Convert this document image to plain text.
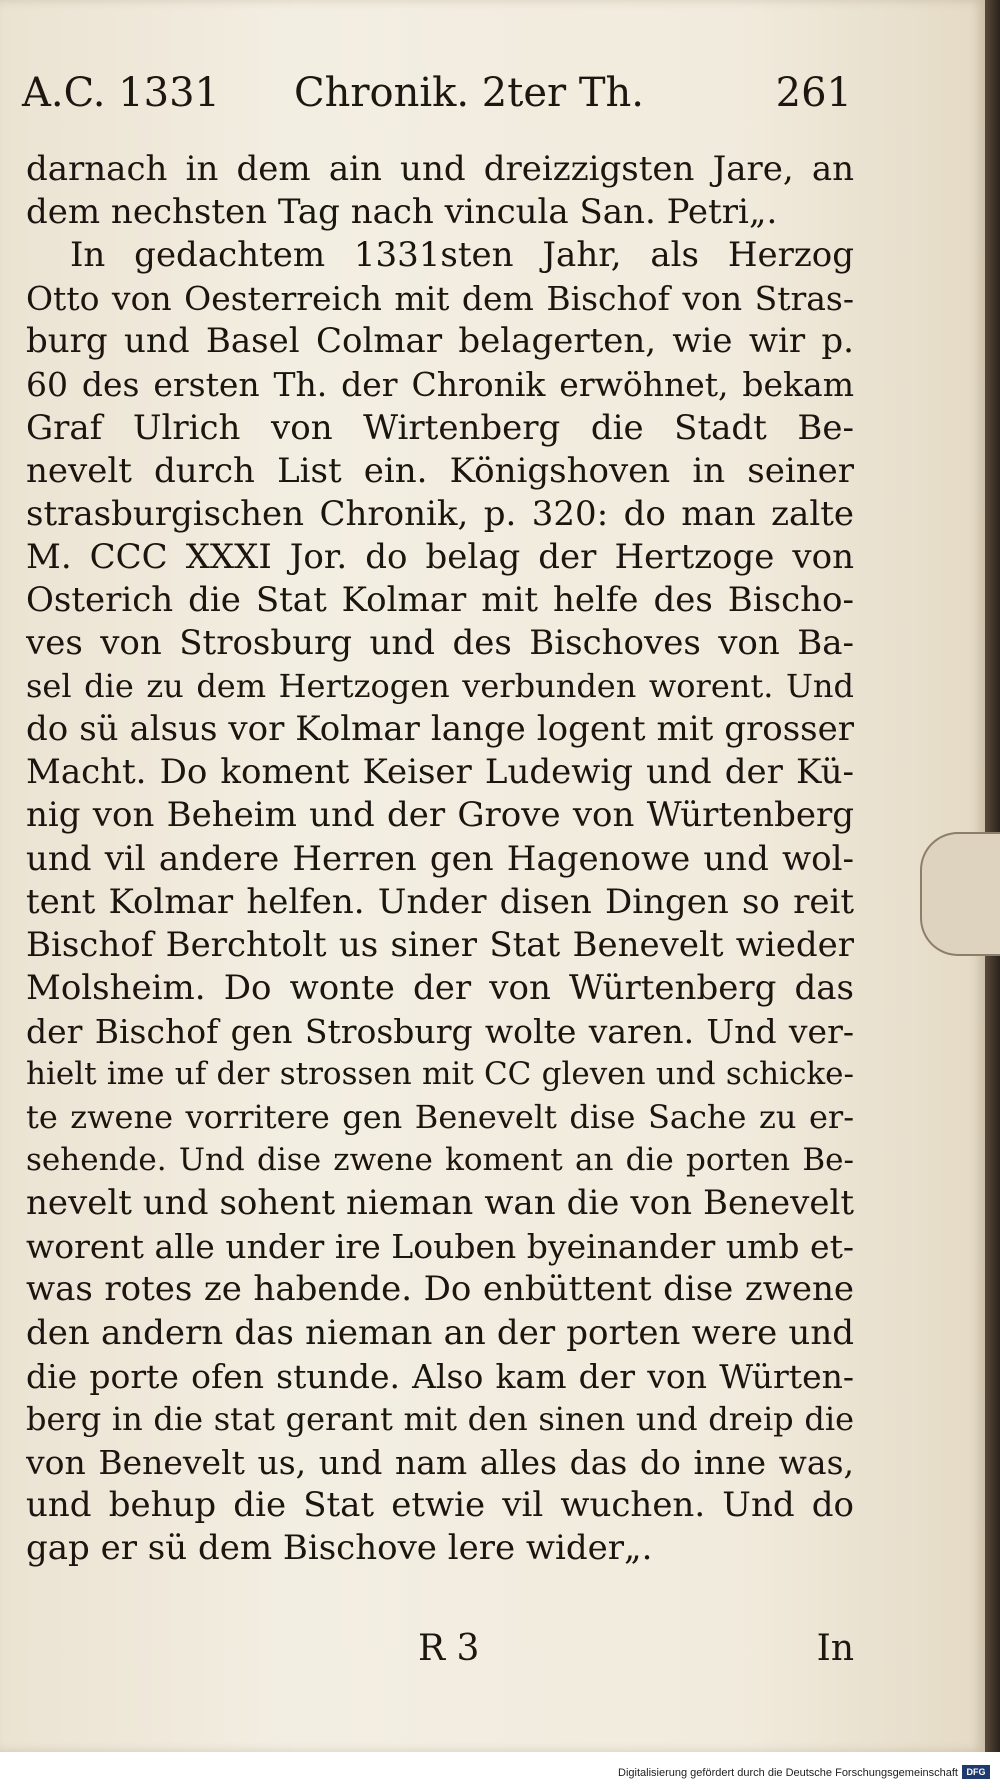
A.C. 1331 Chronik. 2ter Th.	261
darnach in dem ain und dreizzigsten Jare, an
dem nechsten Tag nach vincula San. Petri„.
In gedachtem 1331sten Jahr, als Herzog
Otto von Oesterreich mit dem Bischof von Stras-
burg und Basel Colmar belagerten, wie wir p.
60 des ersten Th. der Chronik erwöhnet, bekam
Graf Ulrich von Wirtenberg die Stadt Be-
nevelt durch List ein. Königshoven in seiner
strasburgischen Chronik, p. 320: do man zalte
M. CCC XXXI Jor. do belag der Hertzoge von
Osterich die Stat Kolmar mit helfe des Bischo-
ves von Strosburg und des Bischoves von Ba-
sel die zu dem Hertzogen verbunden worent. Und
do sü alsus vor Kolmar lange logent mit grosser
Macht. Do koment Keiser Ludewig und der Kü-
nig von Beheim und der Grove von Würtenberg
und vil andere Herren gen Hagenowe und wol-
tent Kolmar helfen. Under disen Dingen so reit
Bischof Berchtolt us siner Stat Benevelt wieder
Molsheim. Do wonte der von Würtenberg das
der Bischof gen Strosburg wolte varen. Und ver-
hielt ime uf der strossen mit CC gleven und schicke-
te zwene vorritere gen Benevelt dise Sache zu er-
sehende. Und dise zwene koment an die porten Be-
nevelt und sohent nieman wan die von Benevelt
worent alle under ire Louben byeinander umb et-
was rotes ze habende. Do enbüttent dise zwene
den andern das nieman an der porten were und
die porte ofen stunde. Also kam der von Würten-
berg in die stat gerant mit den sinen und dreip die
von Benevelt us, und nam alles das do inne was,
und behup die Stat etwie vil wuchen. Und do
gap er sü dem Bischove lere wider„.
R 3	In
Digitalisierung gefördert durch die Deutsche Forschungsgemeinschaft DFG
